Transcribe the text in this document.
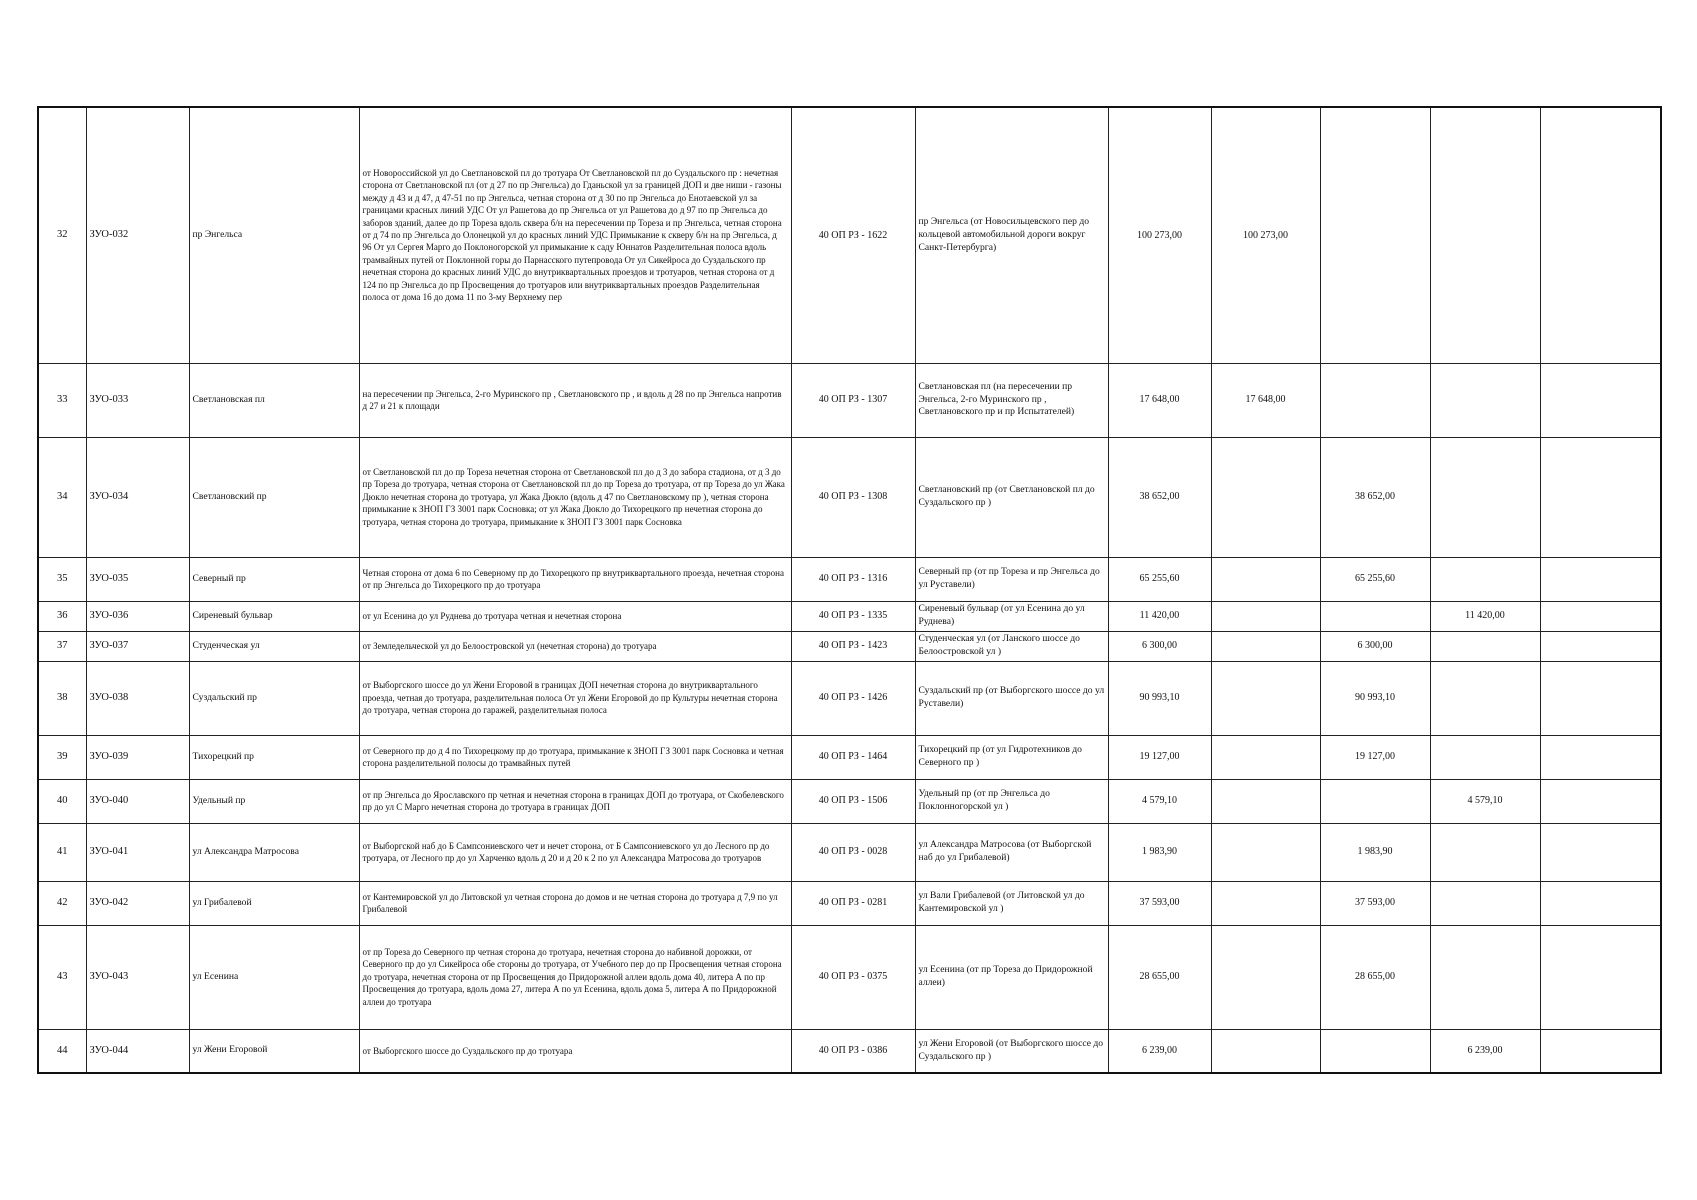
32	ЗУО-032	пр Энгельса	от Новороссийской ул до Светлановской пл до тротуара От Светлановской пл до Суздальского пр : нечетная сторона от Светлановской пл (от д 27 по пр Энгельса) до Гданьской ул за границей ДОП и две ниши - газоны между д 43 и д 47, д 47-51 по пр Энгельса, четная сторона от д 30 по пр Энгельса до Енотаевской ул за границами красных линий УДС От ул Рашетова до пр Энгельса от ул Рашетова до д 97 по пр Энгельса до заборов зданий, далее до пр Тореза вдоль сквера б/н на пересечении пр Тореза и пр Энгельса, четная сторона от д 74 по пр Энгельса до Олонецкой ул до красных линий УДС Примыкание к скверу б/н на пр Энгельса, д 96 От ул Сергея Марго до Поклоногорской ул примыкание к саду Юннатов Разделительная полоса вдоль трамвайных путей от Поклонной горы до Парнасского путепровода От ул Сикейроса до Суздальского пр нечетная сторона до красных линий УДС до внутриквартальных проездов и тротуаров, четная сторона от д 124 по пр Энгельса до пр Просвещения до тротуаров или внутриквартальных проездов Разделительная полоса от дома 16 до дома 11 по 3-му Верхнему пер	40 ОП РЗ - 1622	пр Энгельса (от Новосильцевского пер до кольцевой автомобильной дороги вокруг Санкт-Петербурга)	100 273,00	100 273,00			
33	ЗУО-033	Светлановская пл	на пересечении пр Энгельса, 2-го Муринского пр , Светлановского пр , и вдоль д 28 по пр Энгельса напротив д 27 и 21 к площади	40 ОП РЗ - 1307	Светлановская пл (на пересечении пр Энгельса, 2-го Муринского пр , Светлановского пр и пр Испытателей)	17 648,00	17 648,00			
34	ЗУО-034	Светлановский пр	от Светлановской пл до пр Тореза нечетная сторона от Светлановской пл до д 3 до забора стадиона, от д 3 до пр Тореза до тротуара, четная сторона от Светлановской пл до пр Тореза до тротуара, от пр Тореза до ул Жака Дюкло нечетная сторона до тротуара, ул Жака Дюкло (вдоль д 47 по Светлановскому пр ), четная сторона примыкание к ЗНОП ГЗ 3001 парк Сосновка; от ул Жака Дюкло до Тихорецкого пр нечетная сторона до тротуара, четная сторона до тротуара, примыкание к ЗНОП ГЗ 3001 парк Сосновка	40 ОП РЗ - 1308	Светлановский пр (от Светлановской пл до Суздальского пр )	38 652,00		38 652,00		
35	ЗУО-035	Северный пр	Четная сторона от дома 6 по Северному пр до Тихорецкого пр внутриквартального проезда, нечетная сторона от пр Энгельса до Тихорецкого пр до тротуара	40 ОП РЗ - 1316	Северный пр (от пр Тореза и пр Энгельса до ул Руставели)	65 255,60		65 255,60		
36	ЗУО-036	Сиреневый бульвар	от ул Есенина до ул Руднева до тротуара четная и нечетная сторона	40 ОП РЗ - 1335	Сиреневый бульвар (от ул Есенина до ул Руднева)	11 420,00			11 420,00	
37	ЗУО-037	Студенческая ул	от Земледельческой ул до Белоостровской ул (нечетная сторона) до тротуара	40 ОП РЗ - 1423	Студенческая ул (от Ланского шоссе до Белоостровской ул )	6 300,00		6 300,00		
38	ЗУО-038	Суздальский пр	от Выборгского шоссе до ул Жени Егоровой в границах ДОП нечетная сторона до внутриквартального проезда, четная до тротуара, разделительная полоса От ул Жени Егоровой до пр Культуры нечетная сторона до тротуара, четная сторона до гаражей, разделительная полоса	40 ОП РЗ - 1426	Суздальский пр (от Выборгского шоссе до ул Руставели)	90 993,10		90 993,10		
39	ЗУО-039	Тихорецкий пр	от Северного пр до д 4 по Тихорецкому пр до тротуара, примыкание к ЗНОП ГЗ 3001 парк Сосновка и четная сторона разделительной полосы до трамвайных путей	40 ОП РЗ - 1464	Тихорецкий пр (от ул Гидротехников до Северного пр )	19 127,00		19 127,00		
40	ЗУО-040	Удельный пр	от пр Энгельса до Ярославского пр четная и нечетная сторона в границах ДОП до тротуара, от Скобелевского пр до ул С Марго нечетная сторона до тротуара в границах ДОП	40 ОП РЗ - 1506	Удельный пр (от пр Энгельса до Поклонногорской ул )	4 579,10			4 579,10	
41	ЗУО-041	ул Александра Матросова	от Выборгской наб до Б Сампсониевского чет и нечет сторона, от Б Сампсониевского ул до Лесного пр до тротуара, от Лесного пр до ул Харченко вдоль д 20 и д 20 к 2 по ул Александра Матросова до тротуаров	40 ОП РЗ - 0028	ул Александра Матросова (от Выборгской наб до ул Грибалевой)	1 983,90		1 983,90		
42	ЗУО-042	ул Грибалевой	от Кантемировской ул до Литовской ул четная сторона до домов и не четная сторона до тротуара д 7,9 по ул Грибалевой	40 ОП РЗ - 0281	ул Вали Грибалевой (от Литовской ул до Кантемировской ул )	37 593,00		37 593,00		
43	ЗУО-043	ул Есенина	от пр Тореза до Северного пр четная сторона до тротуара, нечетная сторона до набивной дорожки, от Северного пр до ул Сикейроса обе стороны до тротуара, от Учебного пер до пр Просвещения четная сторона до тротуара, нечетная сторона от пр Просвещения до Придорожной аллеи вдоль дома 40, литера А по пр Просвещения до тротуара, вдоль дома 27, литера А по ул Есенина, вдоль дома 5, литера А по Придорожной аллеи до тротуара	40 ОП РЗ - 0375	ул Есенина (от пр Тореза до Придорожной аллеи)	28 655,00		28 655,00		
44	ЗУО-044	ул Жени Егоровой	от Выборгского шоссе до Суздальского пр до тротуара	40 ОП РЗ - 0386	ул Жени Егоровой (от Выборгского шоссе до Суздальского пр )	6 239,00			6 239,00	
